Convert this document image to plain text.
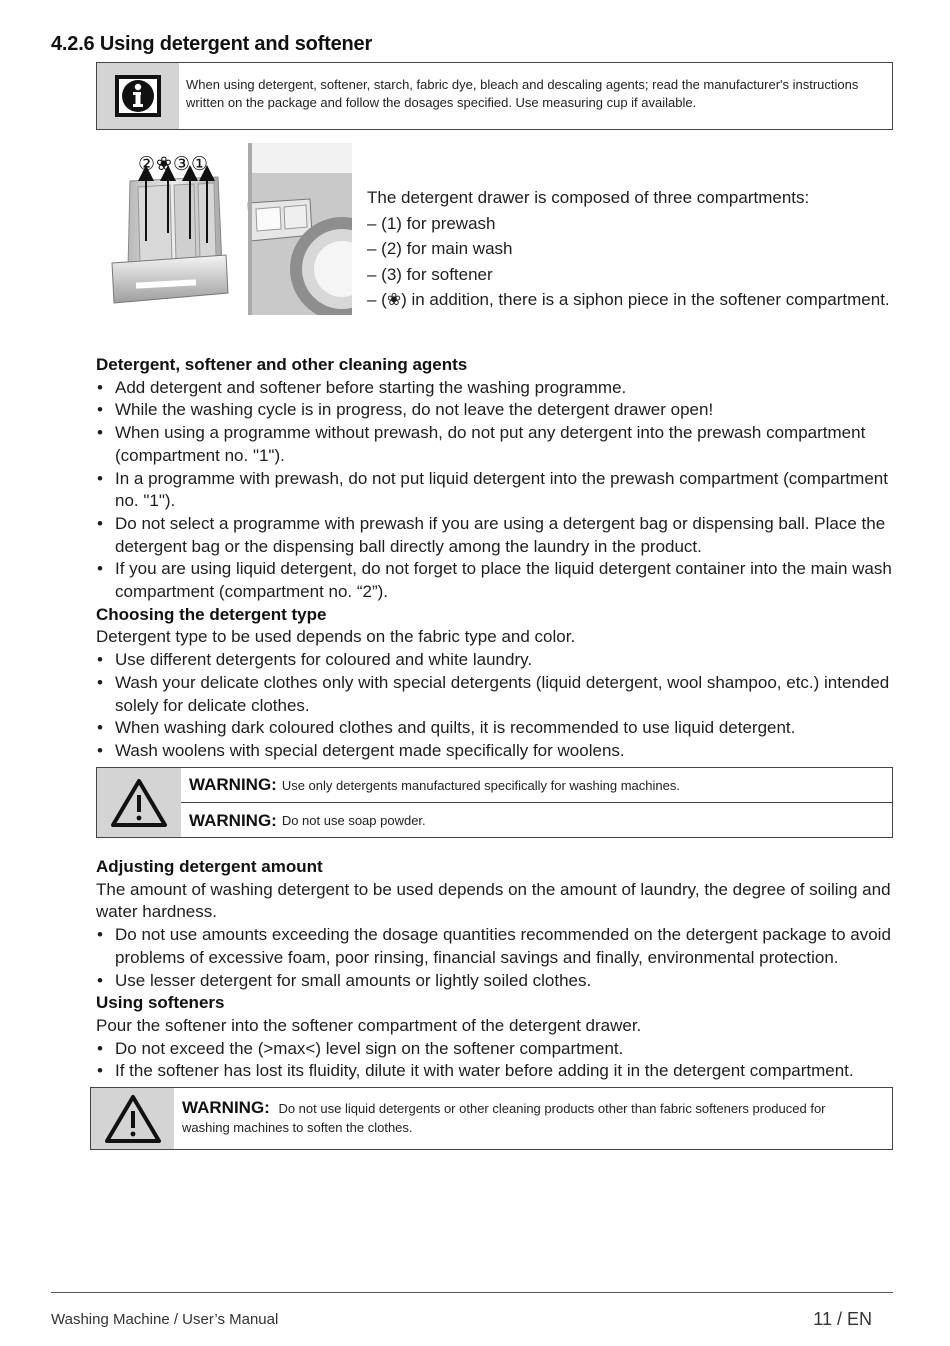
4.2.6 Using detergent and softener
When using detergent, softener, starch, fabric dye, bleach and descaling agents; read the manufacturer's instructions written on the package and follow the dosages specified. Use measuring cup if available.
②❀③①
The detergent drawer is composed of three compartments:
– (1) for prewash
– (2) for main wash
– (3) for softener
– (❀) in addition, there is a siphon piece in the softener compartment.
Detergent, softener and other cleaning agents
• Add detergent and softener before starting the washing programme.
• While the washing cycle is in progress, do not leave the detergent drawer open!
• When using a programme without prewash, do not put any detergent into the prewash compartment (compartment no. "1").
• In a programme with prewash, do not put liquid detergent into the prewash compartment (compartment no. "1").
• Do not select a programme with prewash if you are using a detergent bag or dispensing ball. Place the detergent bag or the dispensing ball directly among the laundry in the product.
• If you are using liquid detergent, do not forget to place the liquid detergent container into the main wash compartment (compartment no. “2”).
Choosing the detergent type

Detergent type to be used depends on the fabric type and color.

• Use different detergents for coloured and white laundry.
• Wash your delicate clothes only with special detergents (liquid detergent, wool shampoo, etc.) intended solely for delicate clothes.
• When washing dark coloured clothes and quilts, it is recommended to use liquid detergent.
• Wash woolens with special detergent made specifically for woolens.
WARNING: Use only detergents manufactured specifically for washing machines.
WARNING: Do not use soap powder.
Adjusting detergent amount

The amount of washing detergent to be used depends on the amount of laundry, the degree of soiling and water hardness.

• Do not use amounts exceeding the dosage quantities recommended on the detergent package to avoid problems of excessive foam, poor rinsing, financial savings and finally, environmental protection.
• Use lesser detergent for small amounts or lightly soiled clothes.
Using softeners

Pour the softener into the softener compartment of the detergent drawer.

• Do not exceed the (>max<) level sign on the softener compartment.
• If the softener has lost its fluidity, dilute it with water before adding it in the detergent compartment.
WARNING: Do not use liquid detergents or other cleaning products other than fabric softeners produced for washing machines to soften the clothes.
Washing Machine / User’s Manual	11 / EN
